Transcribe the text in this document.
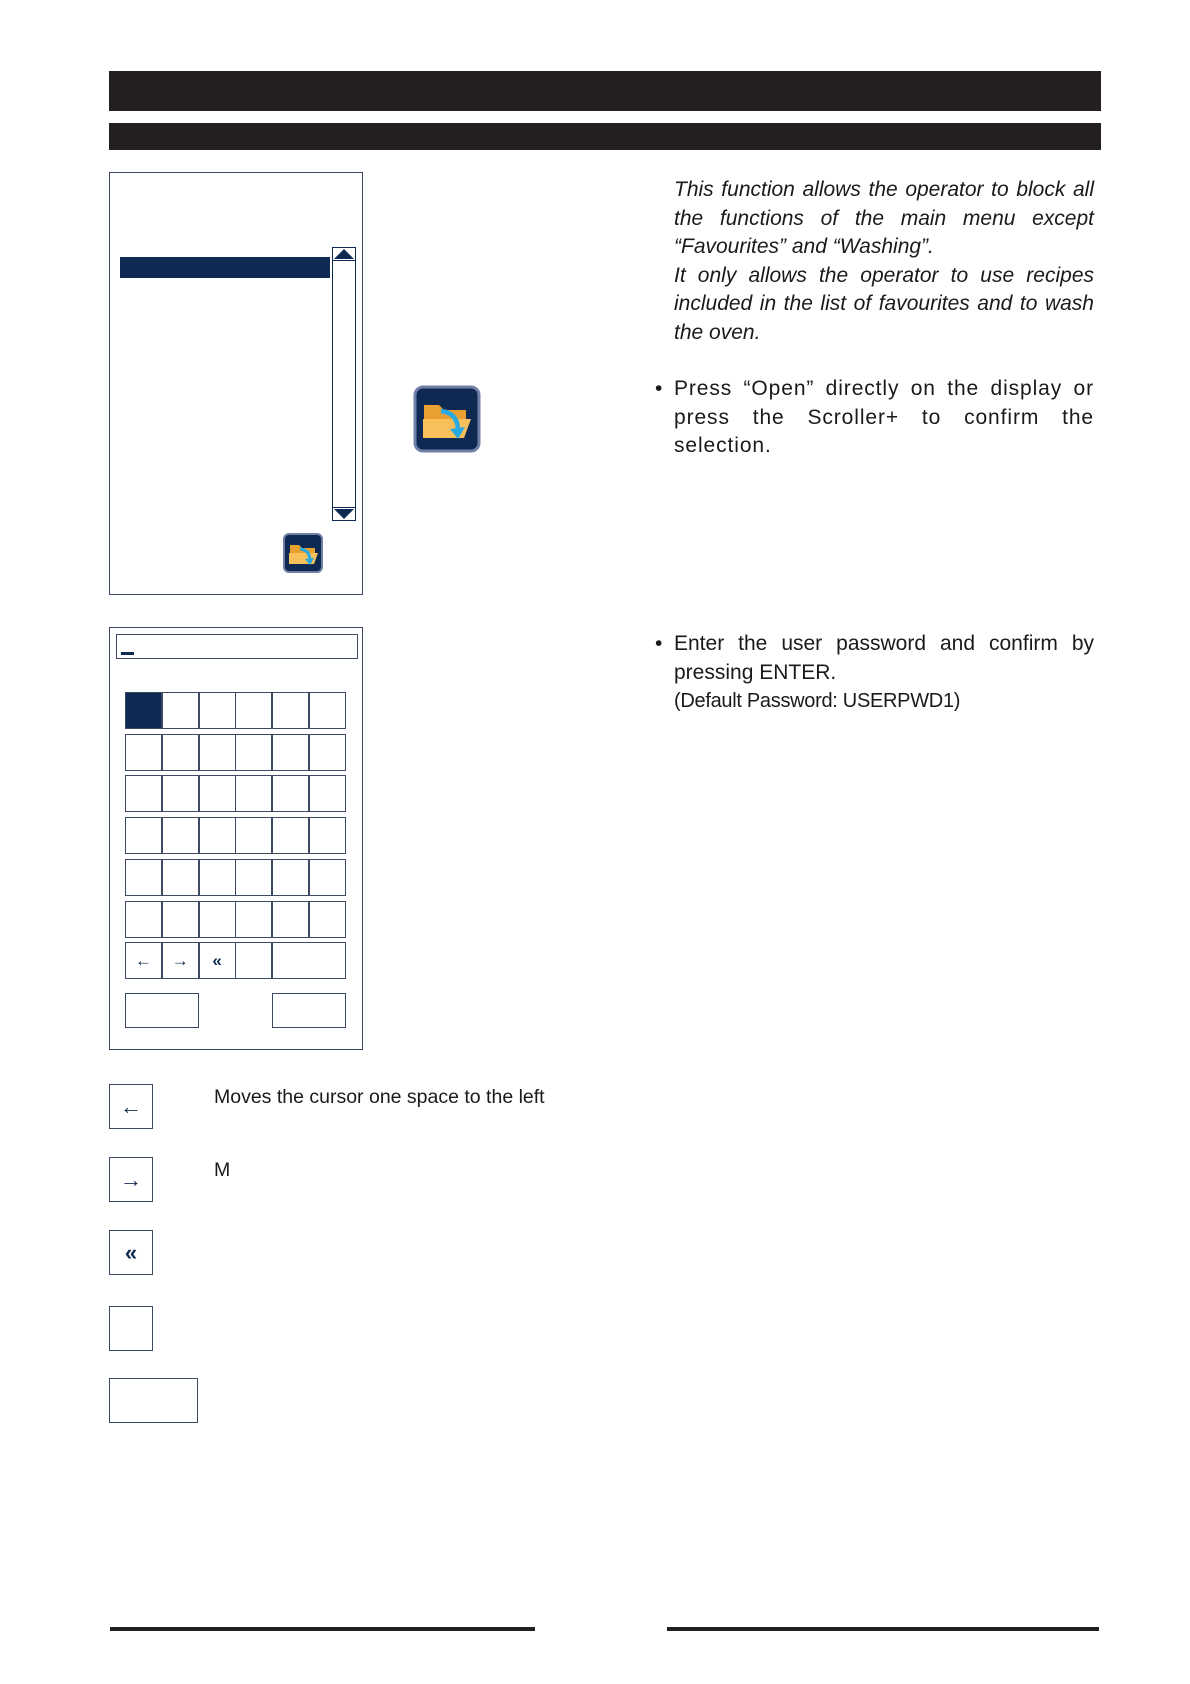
This function allows the operator to block all the functions of the main menu except “Favourites” and “Washing”.
It only allows the operator to use recipes included in the list of favourites and to wash the oven.
• Press “Open” directly on the display or press the Scroller+ to confirm the selection.
• Enter the user password and confirm by pressing ENTER.
(Default Password: USERPWD1)
←	→	«
←	Moves the cursor one space to the left
→	M
«
